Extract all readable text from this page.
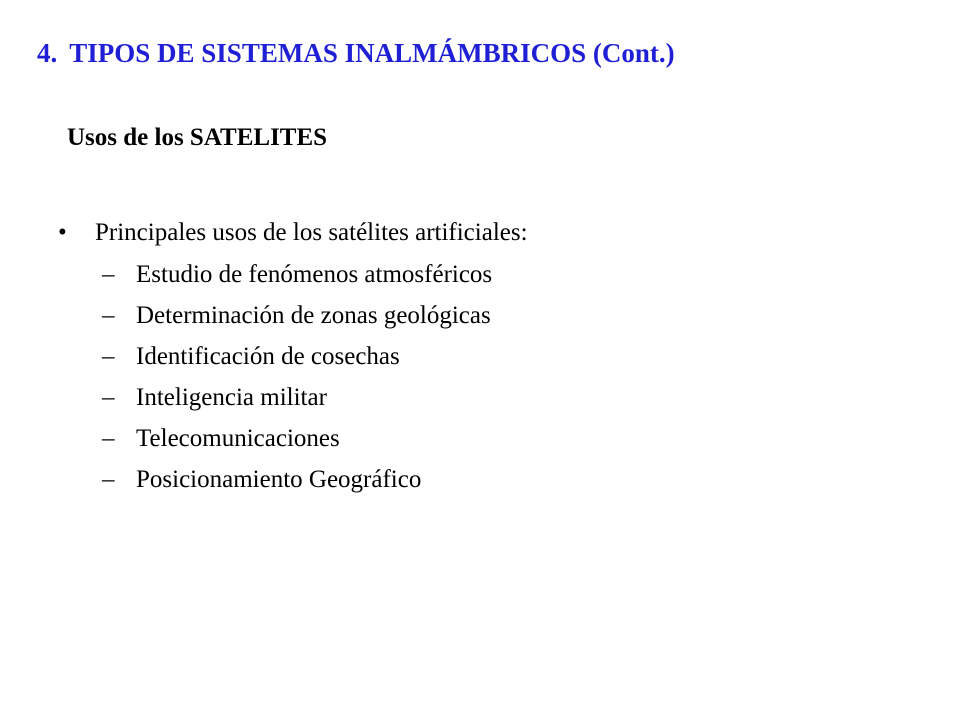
4. TIPOS DE SISTEMAS INALMÁMBRICOS (Cont.)
Usos de los SATELITES
• Principales usos de los satélites artificiales:
– Estudio de fenómenos atmosféricos
– Determinación de zonas geológicas
– Identificación de cosechas
– Inteligencia militar
– Telecomunicaciones
– Posicionamiento Geográfico
